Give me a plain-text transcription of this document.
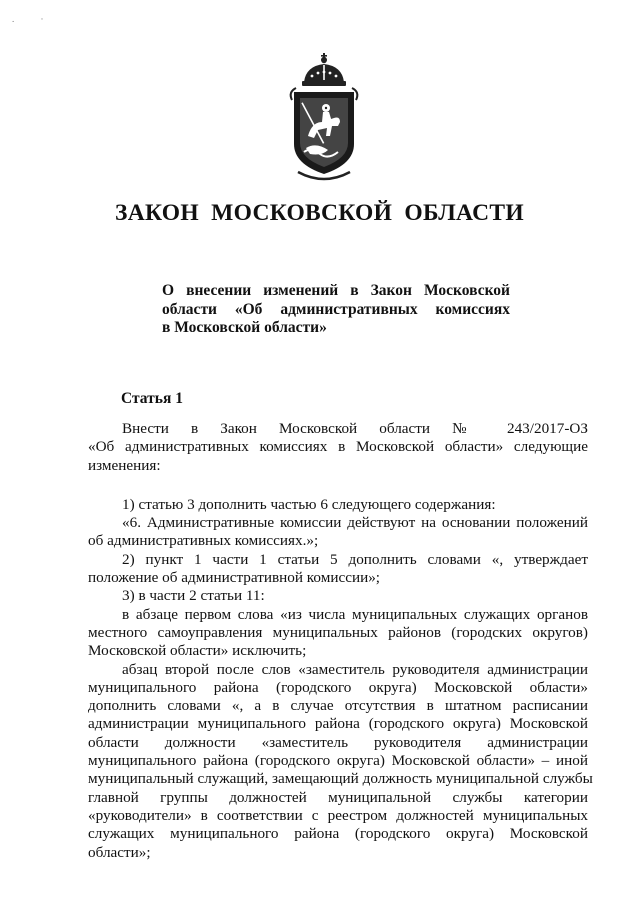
. ·
ЗАКОН МОСКОВСКОЙ ОБЛАСТИ
О внесении изменений в Закон Московской
области «Об административных комиссиях
в Московской области»
Статья 1
Внести в Закон Московской области № 243/2017-ОЗ
«Об административных комиссиях в Московской области» следующие
изменения:
1) статью 3 дополнить частью 6 следующего содержания:
«6. Административные комиссии действуют на основании положений
об административных комиссиях.»;
2) пункт 1 части 1 статьи 5 дополнить словами «, утверждает
положение об административной комиссии»;
3) в части 2 статьи 11:
в абзаце первом слова «из числа муниципальных служащих органов
местного самоуправления муниципальных районов (городских округов)
Московской области» исключить;
абзац второй после слов «заместитель руководителя администрации
муниципального района (городского округа) Московской области»
дополнить словами «, а в случае отсутствия в штатном расписании
администрации муниципального района (городского округа) Московской
области должности «заместитель руководителя администрации
муниципального района (городского округа) Московской области» – иной
муниципальный служащий, замещающий должность муниципальной службы
главной группы должностей муниципальной службы категории
«руководители» в соответствии с реестром должностей муниципальных
служащих муниципального района (городского округа) Московской
области»;
